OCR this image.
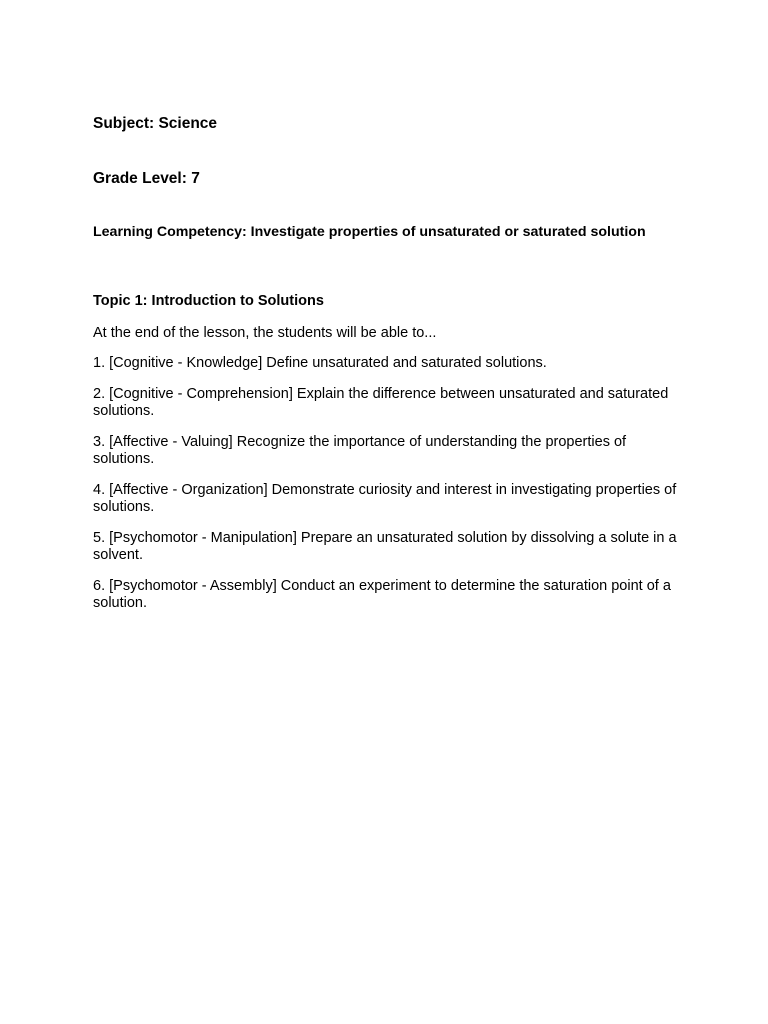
Subject: Science
Grade Level: 7

Learning Competency: Investigate properties of unsaturated or saturated solution

Topic 1: Introduction to Solutions

At the end of the lesson, the students will be able to...

1. [Cognitive - Knowledge] Define unsaturated and saturated solutions.
2. [Cognitive - Comprehension] Explain the difference between unsaturated and saturated solutions.
3. [Affective - Valuing] Recognize the importance of understanding the properties of solutions.
4. [Affective - Organization] Demonstrate curiosity and interest in investigating properties of solutions.
5. [Psychomotor - Manipulation] Prepare an unsaturated solution by dissolving a solute in a solvent.
6. [Psychomotor - Assembly] Conduct an experiment to determine the saturation point of a solution.
